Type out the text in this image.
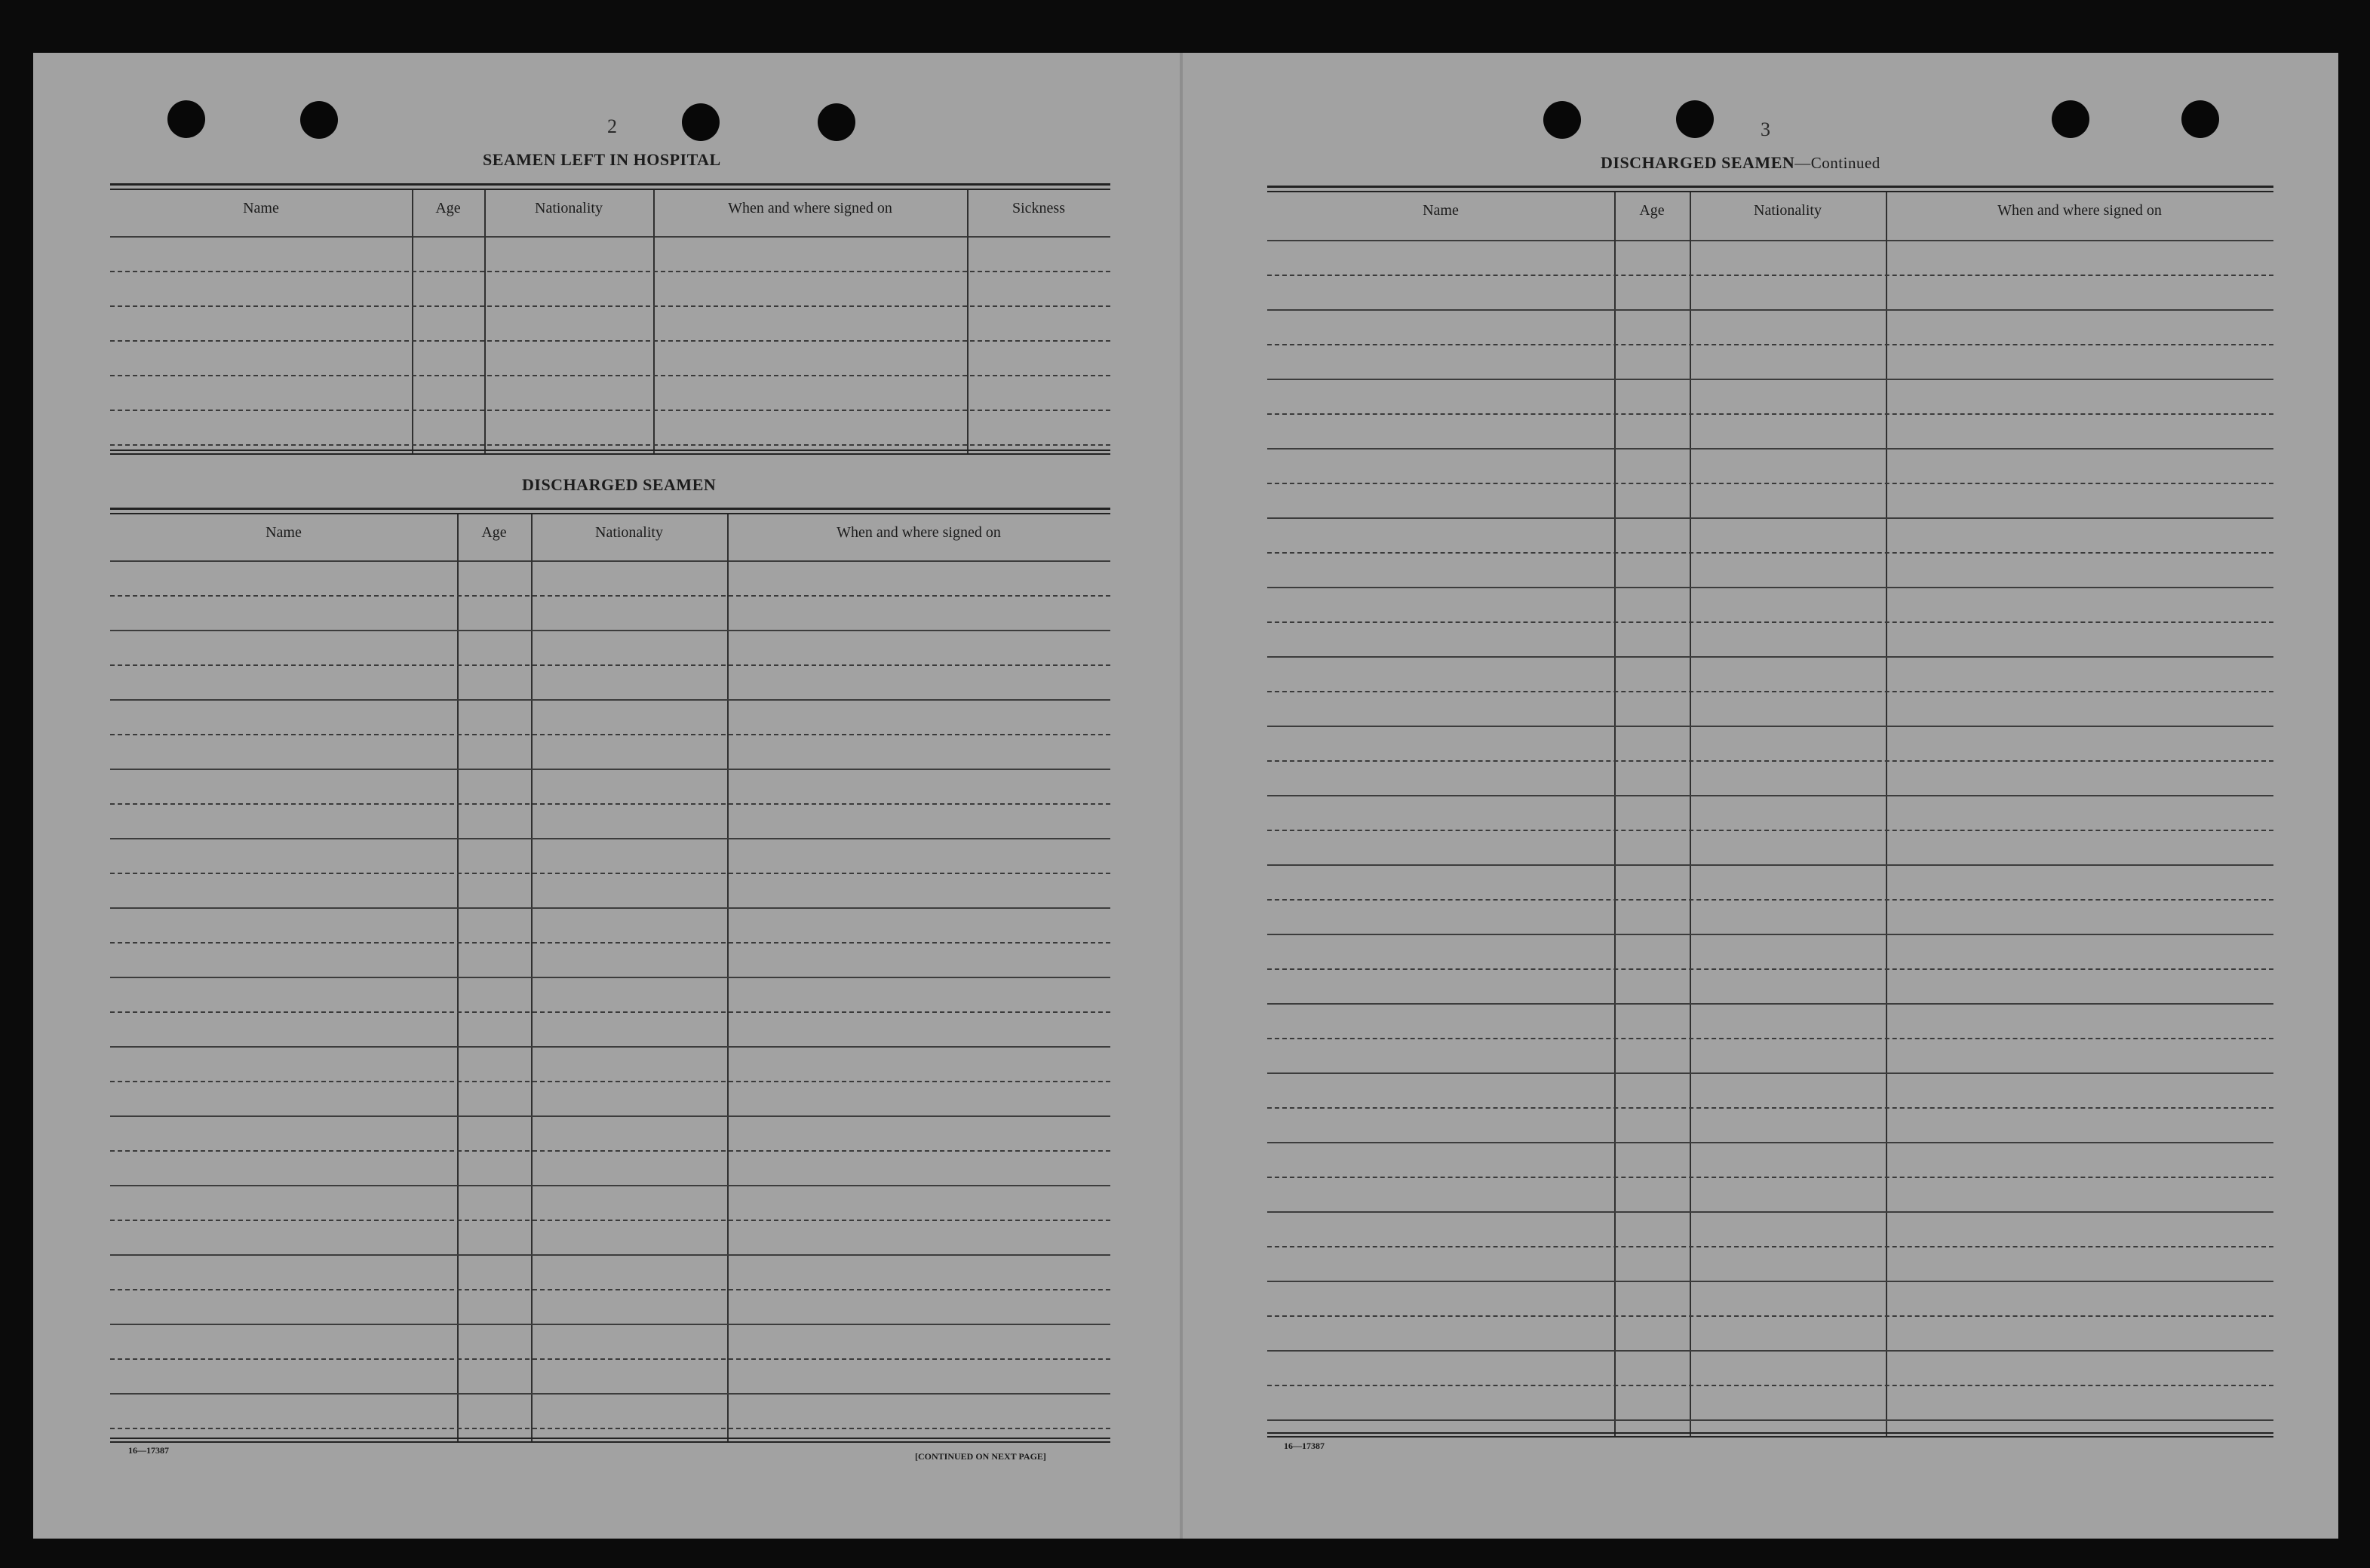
2
SEAMEN LEFT IN HOSPITAL
Name	Age	Nationality	When and where signed on	Sickness
DISCHARGED SEAMEN
Name	Age	Nationality	When and where signed on
16—17387
[CONTINUED ON NEXT PAGE]
3
DISCHARGED SEAMEN—Continued
Name	Age	Nationality	When and where signed on
16—17387
